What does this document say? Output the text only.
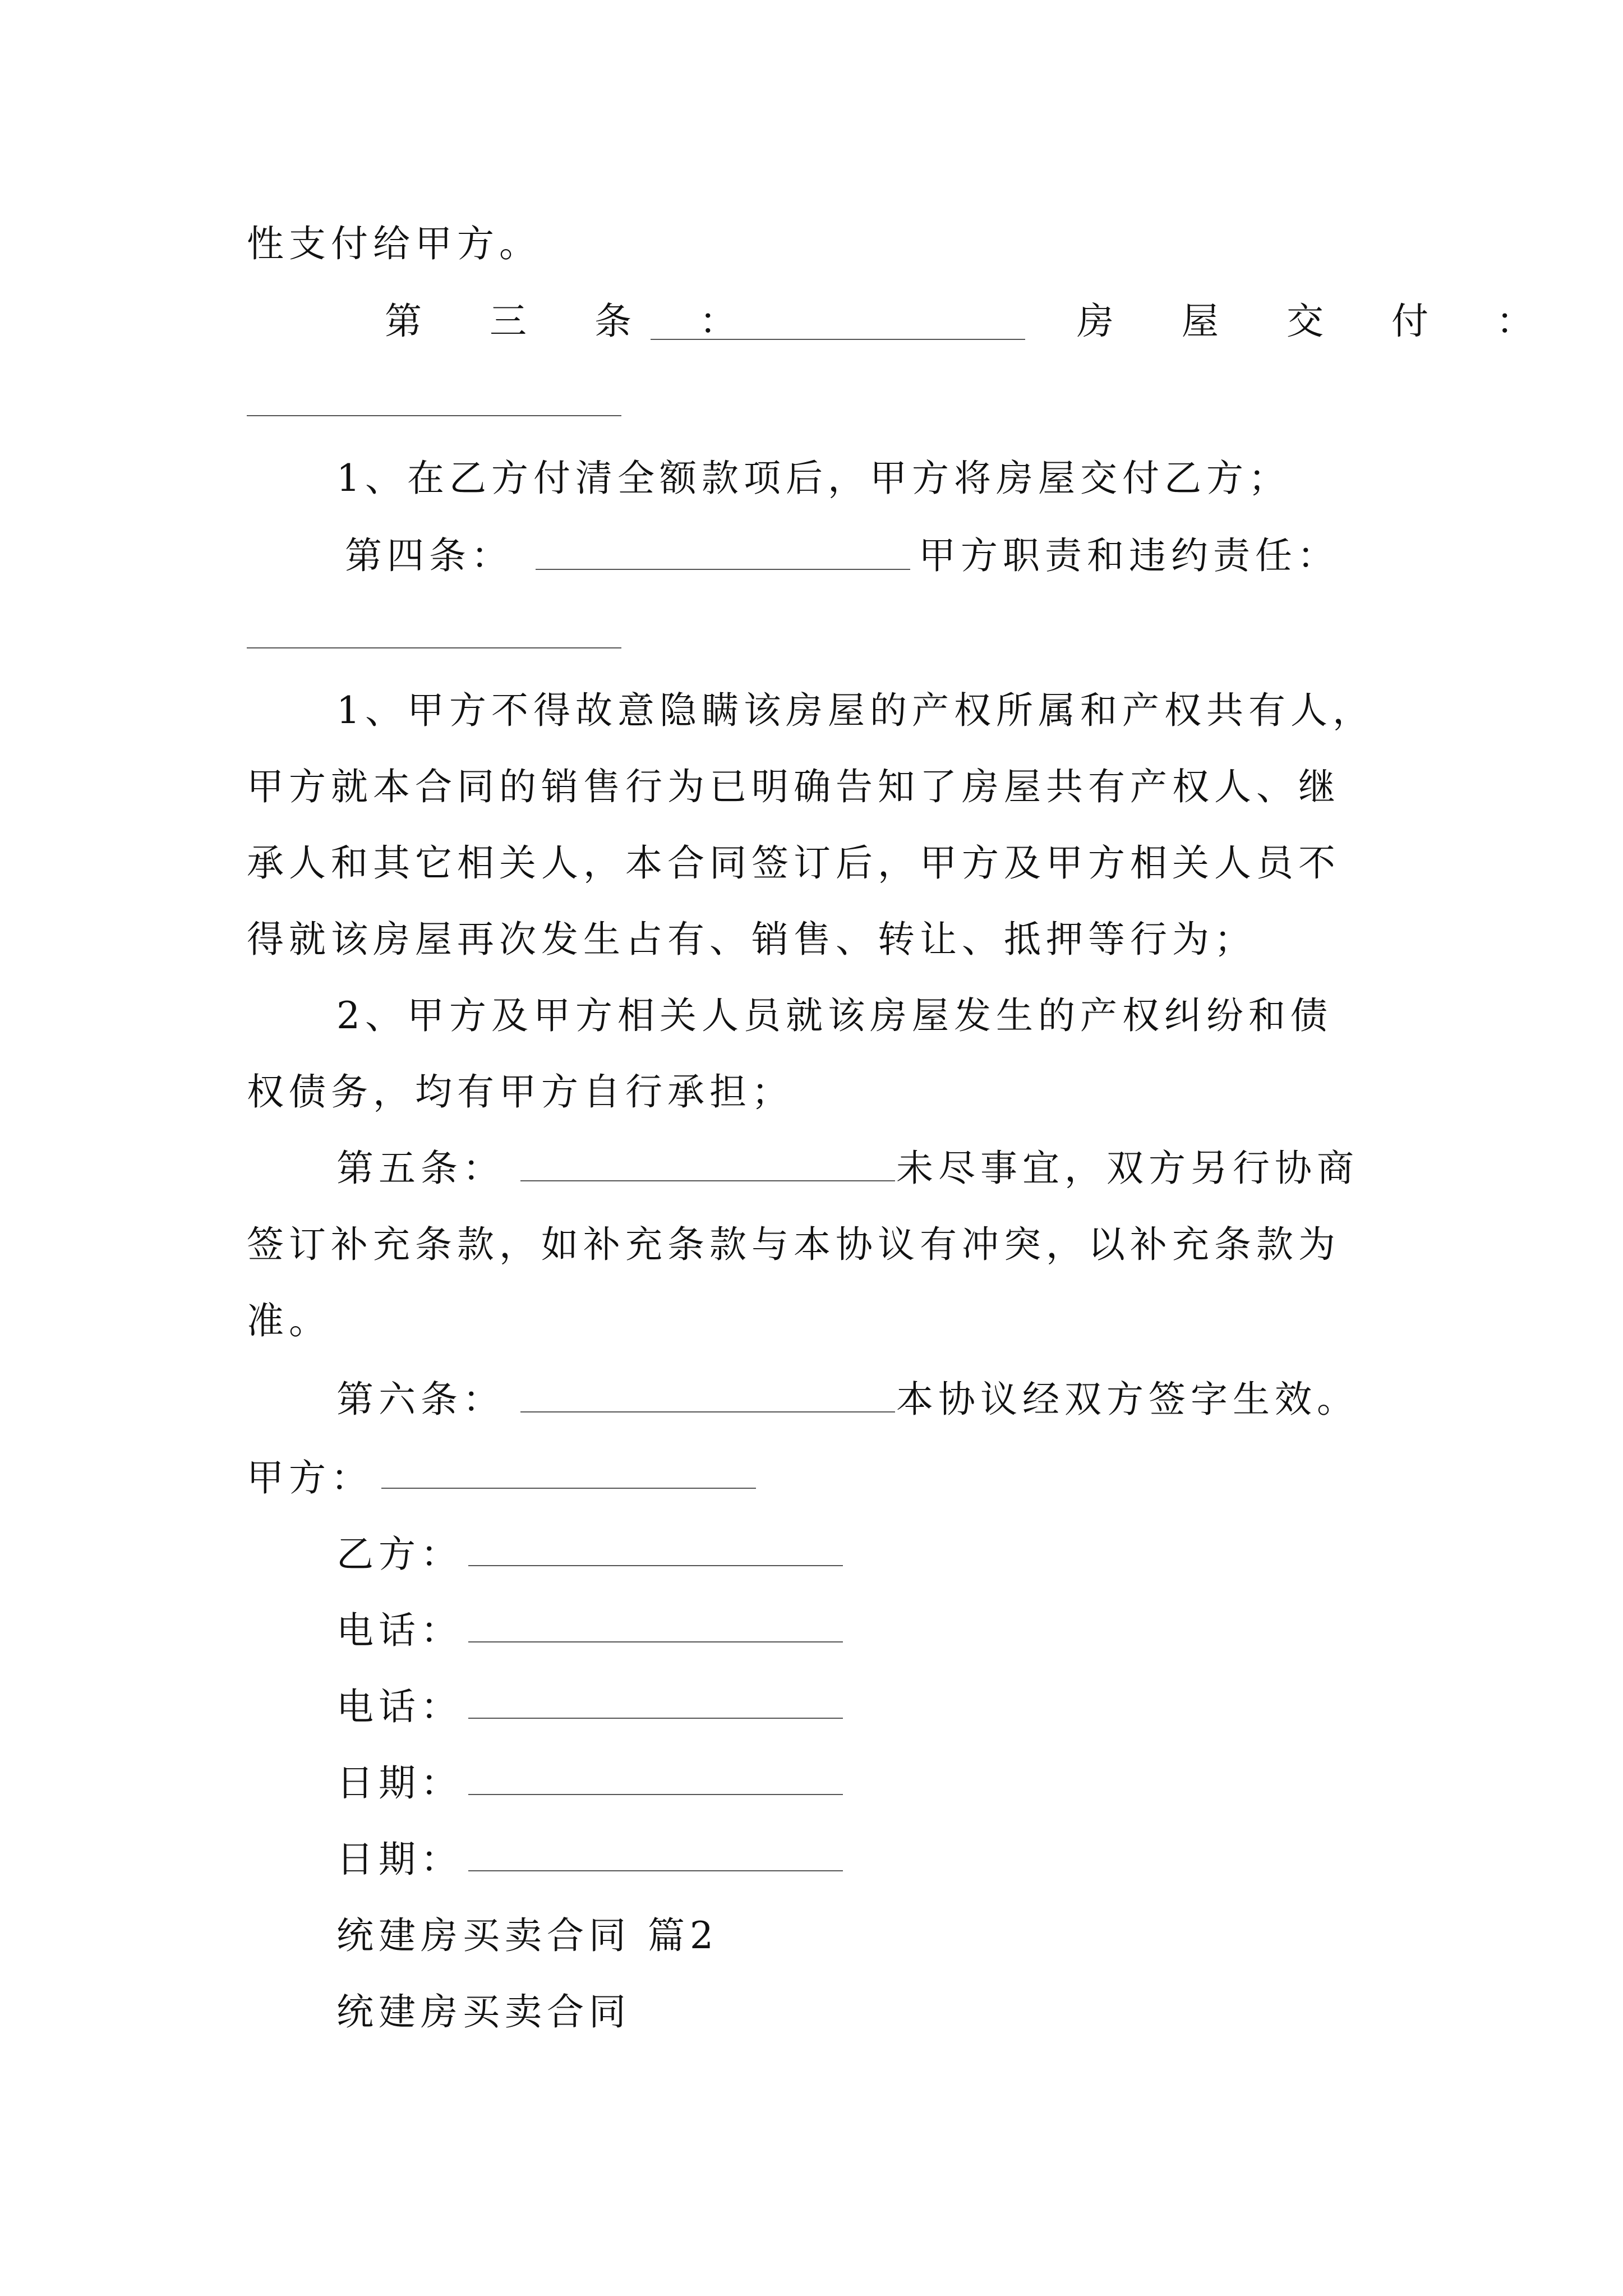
性支付给甲方。
第 三 条 ：	房 屋 交 付 ：
1、在乙方付清全额款项后，甲方将房屋交付乙方；
第四条：	甲方职责和违约责任：
1、甲方不得故意隐瞒该房屋的产权所属和产权共有人，
甲方就本合同的销售行为已明确告知了房屋共有产权人、继
承人和其它相关人，本合同签订后，甲方及甲方相关人员不
得就该房屋再次发生占有、销售、转让、抵押等行为；
2、甲方及甲方相关人员就该房屋发生的产权纠纷和债
权债务，均有甲方自行承担；
第五条：	未尽事宜，双方另行协商
签订补充条款，如补充条款与本协议有冲突，以补充条款为
准。
第六条：	本协议经双方签字生效。
甲方：
乙方：
电话：
电话：
日期：
日期：
统建房买卖合同 篇2
统建房买卖合同
